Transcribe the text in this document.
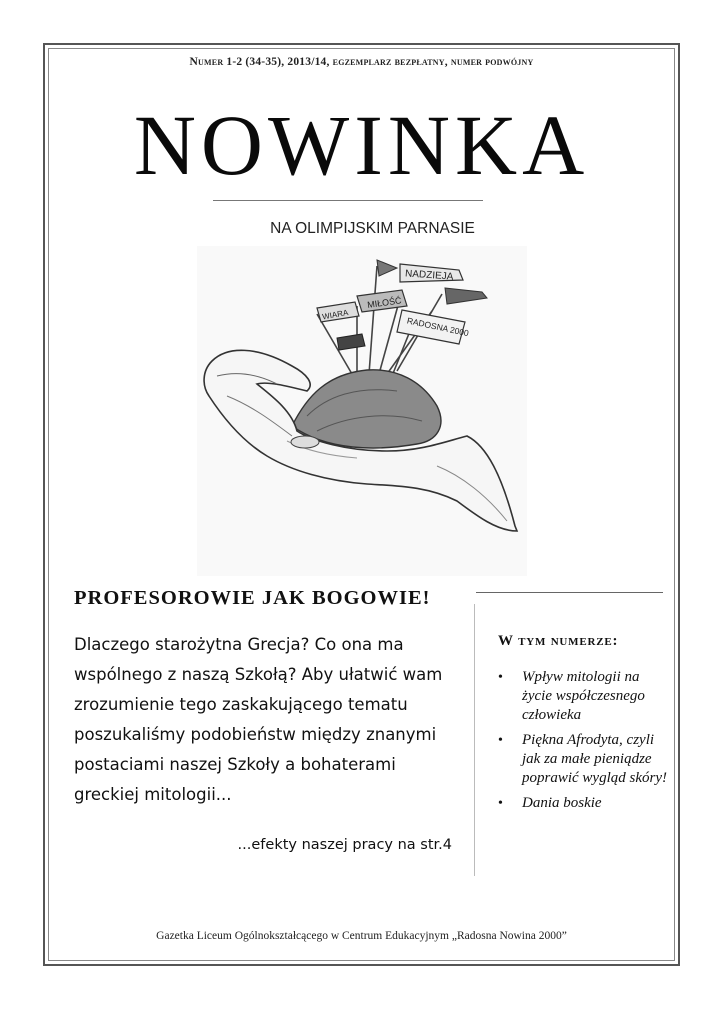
Numer 1-2 (34-35), 2013/14, egzemplarz bezpłatny, numer podwójny
NOWINKA
NA OLIMPIJSKIM PARNASIE
NADZIEJA
MIŁOŚĆ
WIARA
RADOSNA 2000
PROFESOROWIE JAK BOGOWIE!
Dlaczego starożytna Grecja? Co ona ma wspólnego z naszą Szkołą? Aby ułatwić wam zrozumienie tego zaskakującego tematu poszukaliśmy podobieństw między znanymi postaciami naszej Szkoły a bohaterami greckiej mitologii...
...efekty naszej pracy na str.4
W tym numerze:
• Wpływ mitologii na życie współczesnego człowieka
• Piękna Afrodyta, czyli jak za małe pieniądze poprawić wygląd skóry!
• Dania boskie
Gazetka Liceum Ogólnokształcącego w Centrum Edukacyjnym „Radosna Nowina 2000”
